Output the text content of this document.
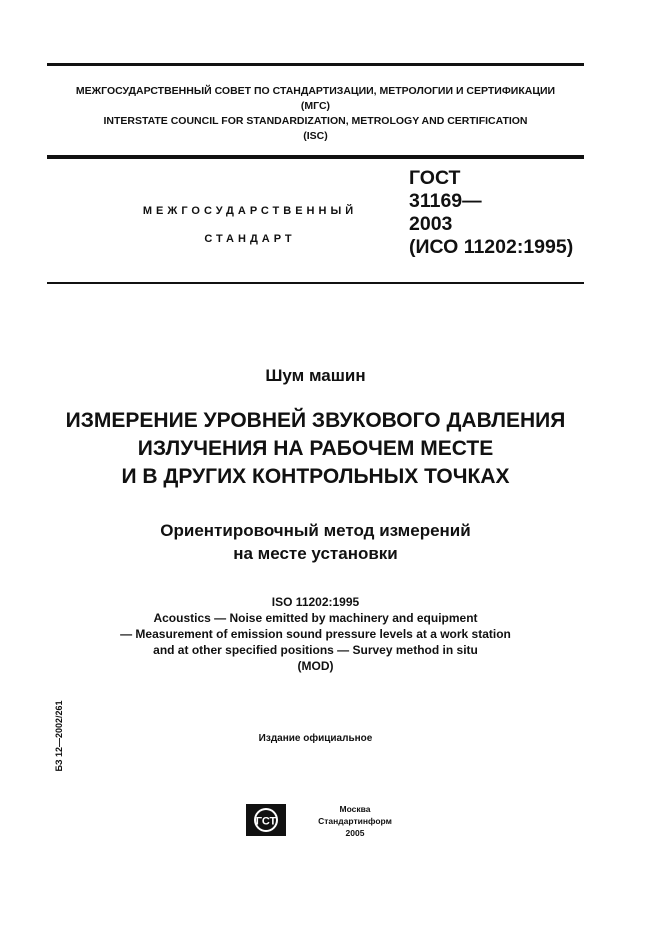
МЕЖГОСУДАРСТВЕННЫЙ СОВЕТ ПО СТАНДАРТИЗАЦИИ, МЕТРОЛОГИИ И СЕРТИФИКАЦИИ
(МГС)
INTERSTATE COUNCIL FOR STANDARDIZATION, METROLOGY AND CERTIFICATION
(ISC)
МЕЖГОСУДАРСТВЕННЫЙ
СТАНДАРТ
ГОСТ
31169—
2003
(ИСО 11202:1995)
Шум машин
ИЗМЕРЕНИЕ УРОВНЕЙ ЗВУКОВОГО ДАВЛЕНИЯ
ИЗЛУЧЕНИЯ НА РАБОЧЕМ МЕСТЕ
И В ДРУГИХ КОНТРОЛЬНЫХ ТОЧКАХ
Ориентировочный метод измерений
на месте установки
ISO 11202:1995
Acoustics — Noise emitted by machinery and equipment
— Measurement of emission sound pressure levels at a work station
and at other specified positions — Survey method in situ
(MOD)
БЗ 12—2002/261	Издание официальное
ГСТ
Москва
Стандартинформ
2005
